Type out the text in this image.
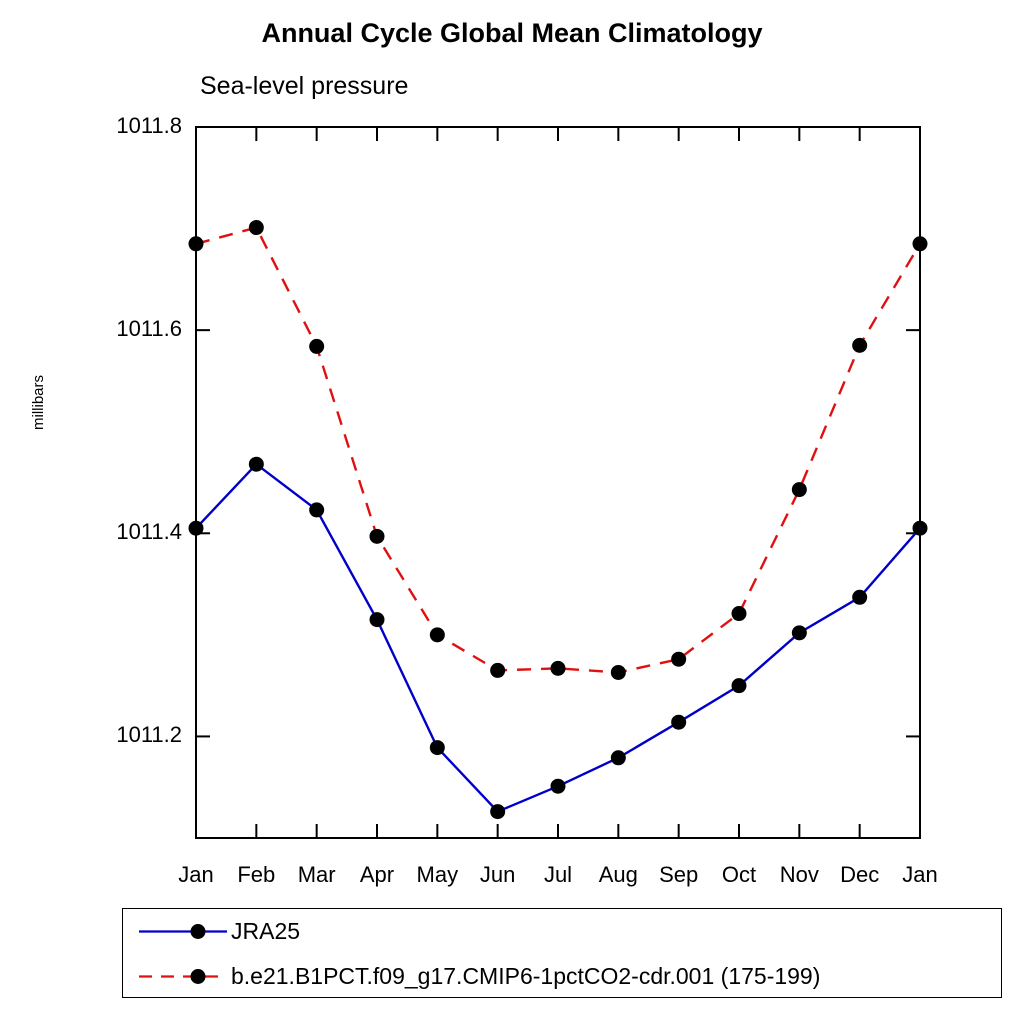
Annual Cycle Global Mean Climatology
Sea-level pressure
millibars
1011.2
1011.4
1011.6
1011.8
Jan	Feb	Mar	Apr	May Jun	Jul	Aug Sep	Oct	Nov Dec	Jan
JRA25
b.e21.B1PCT.f09_g17.CMIP6-1pctCO2-cdr.001 (175-199)
